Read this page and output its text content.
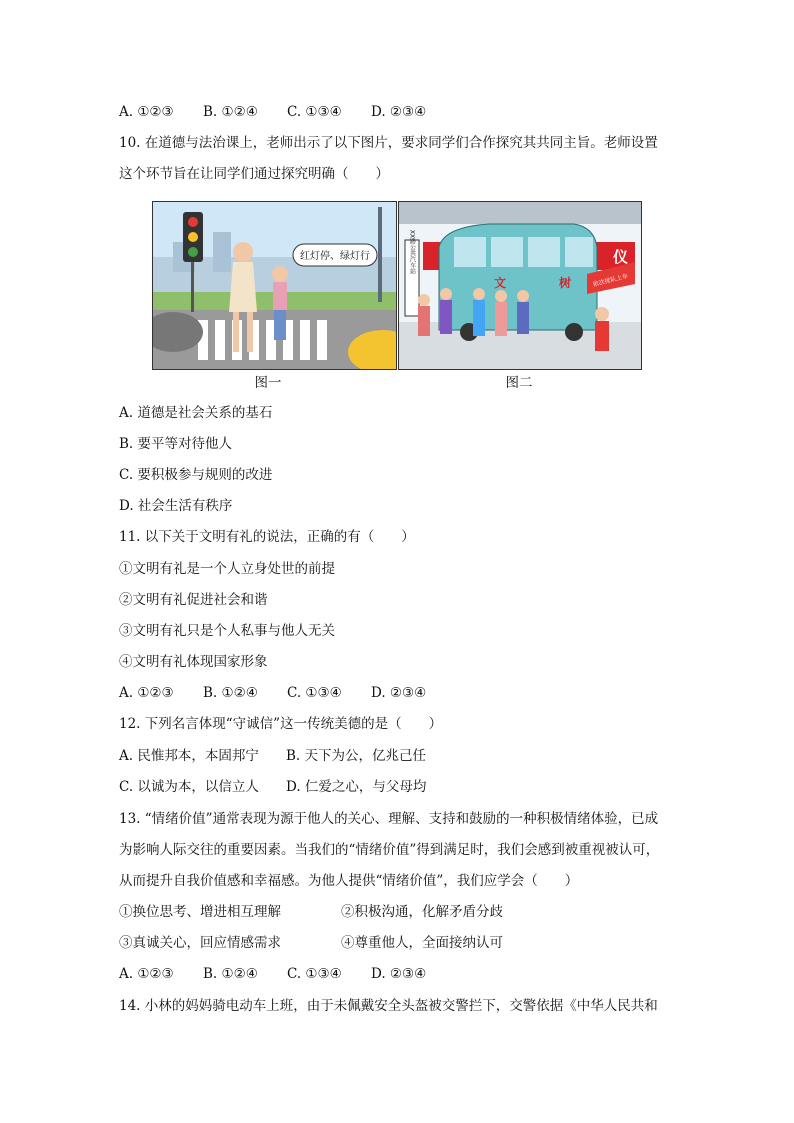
A. ①②③ B. ①②④ C. ①③④ D. ②③④
10. 在道德与法治课上，老师出示了以下图片，要求同学们合作探究其共同主旨。老师设置
这个环节旨在让同学们通过探究明确（　　）
红灯停、绿灯行
图一
XX路公共汽车站	仪
文	树	依次排队上车
图二
A. 道德是社会关系的基石
B. 要平等对待他人
C. 要积极参与规则的改进
D. 社会生活有秩序
11. 以下关于文明有礼的说法，正确的有（　　）
①文明有礼是一个人立身处世的前提
②文明有礼促进社会和谐
③文明有礼只是个人私事与他人无关
④文明有礼体现国家形象
A. ①②③ B. ①②④ C. ①③④ D. ②③④
12. 下列名言体现“守诚信”这一传统美德的是（　　）
A. 民惟邦本，本固邦宁 B. 天下为公，亿兆己任
C. 以诚为本，以信立人 D. 仁爱之心，与父母均
13. “情绪价值”通常表现为源于他人的关心、理解、支持和鼓励的一种积极情绪体验，已成
为影响人际交往的重要因素。当我们的“情绪价值”得到满足时，我们会感到被重视被认可，
从而提升自我价值感和幸福感。为他人提供“情绪价值”，我们应学会（　　）
①换位思考、增进相互理解	②积极沟通，化解矛盾分歧
③真诚关心，回应情感需求	④尊重他人，全面接纳认可
A. ①②③ B. ①②④ C. ①③④ D. ②③④
14. 小林的妈妈骑电动车上班，由于未佩戴安全头盔被交警拦下，交警依据《中华人民共和
